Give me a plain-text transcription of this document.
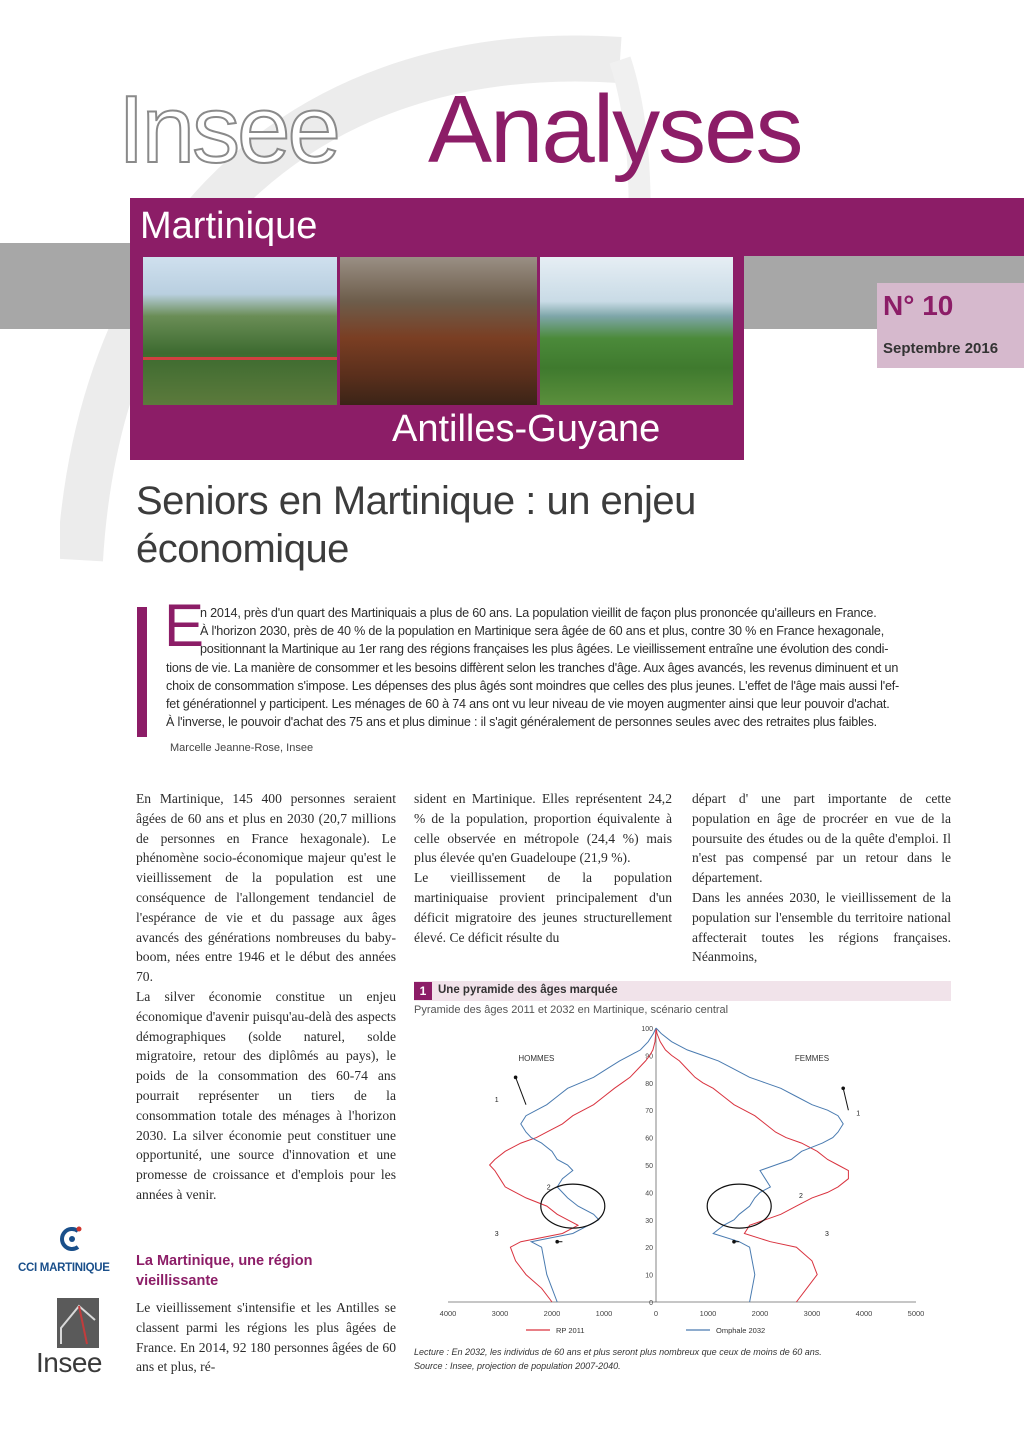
Insee Analyses
Martinique
Antilles-Guyane
N° 10
Septembre 2016
Seniors en Martinique : un enjeu économique
E
n 2014, près d'un quart des Martiniquais a plus de 60 ans. La population vieillit de façon plus prononcée qu'ailleurs en France.
À l'horizon 2030, près de 40 % de la population en Martinique sera âgée de 60 ans et plus, contre 30 % en France hexagonale,
positionnant la Martinique au 1er rang des régions françaises les plus âgées. Le vieillissement entraîne une évolution des condi-
tions de vie. La manière de consommer et les besoins diffèrent selon les tranches d'âge. Aux âges avancés, les revenus diminuent et un
choix de consommation s'impose. Les dépenses des plus âgés sont moindres que celles des plus jeunes. L'effet de l'âge mais aussi l'ef-
fet générationnel y participent. Les ménages de 60 à 74 ans ont vu leur niveau de vie moyen augmenter ainsi que leur pouvoir d'achat.
À l'inverse, le pouvoir d'achat des 75 ans et plus diminue : il s'agit généralement de personnes seules avec des retraites plus faibles.
Marcelle Jeanne-Rose, Insee

En Martinique, 145 400 personnes seraient âgées de 60 ans et plus en 2030 (20,7 millions de personnes en France hexagonale). Le phénomène socio-économique majeur qu'est le vieillissement de la population est une conséquence de l'allongement tendanciel de l'espérance de vie et du passage aux âges avancés des générations nombreuses du baby-boom, nées entre 1946 et le début des années 70.

La silver économie constitue un enjeu économique d'avenir puisqu'au-delà des aspects démographiques (solde naturel, solde migratoire, retour des diplômés au pays), le poids de la consommation des 60-74 ans pourrait représenter un tiers de la consommation totale des ménages à l'horizon 2030. La silver économie peut constituer une opportunité, une source d'innovation et une promesse de croissance et d'emplois pour les années à venir.

La Martinique, une région vieillissante

Le vieillissement s'intensifie et les Antilles se classent parmi les régions les plus âgées de France. En 2014, 92 180 personnes âgées de 60 ans et plus, ré-

sident en Martinique. Elles représentent 24,2 % de la population, proportion équivalente à celle observée en métropole (24,4 %) mais plus élevée qu'en Guadeloupe (21,9 %).

Le vieillissement de la population martiniquaise provient principalement d'un déficit migratoire des jeunes structurellement élevé. Ce déficit résulte du

départ d' une part importante de cette population en âge de procréer en vue de la poursuite des études ou de la quête d'emploi. Il n'est pas compensé par un retour dans le département.

Dans les années 2030, le vieillissement de la population sur l'ensemble du territoire national affecterait toutes les régions françaises. Néanmoins,

1	Une pyramide des âges marquée
Pyramide des âges 2011 et 2032 en Martinique, scénario central
0
10
20
30
40
50
60
70
80
90
100
4000	3000	2000	1000	0	1000	2000	3000	4000	5000
HOMMES	FEMMES
1
1
2
2
3	3
RP 2011	Omphale 2032
Lecture : En 2032, les individus de 60 ans et plus seront plus nombreux que ceux de moins de 60 ans.
Source : Insee, projection de population 2007-2040.
CCI MARTINIQUE
Insee
